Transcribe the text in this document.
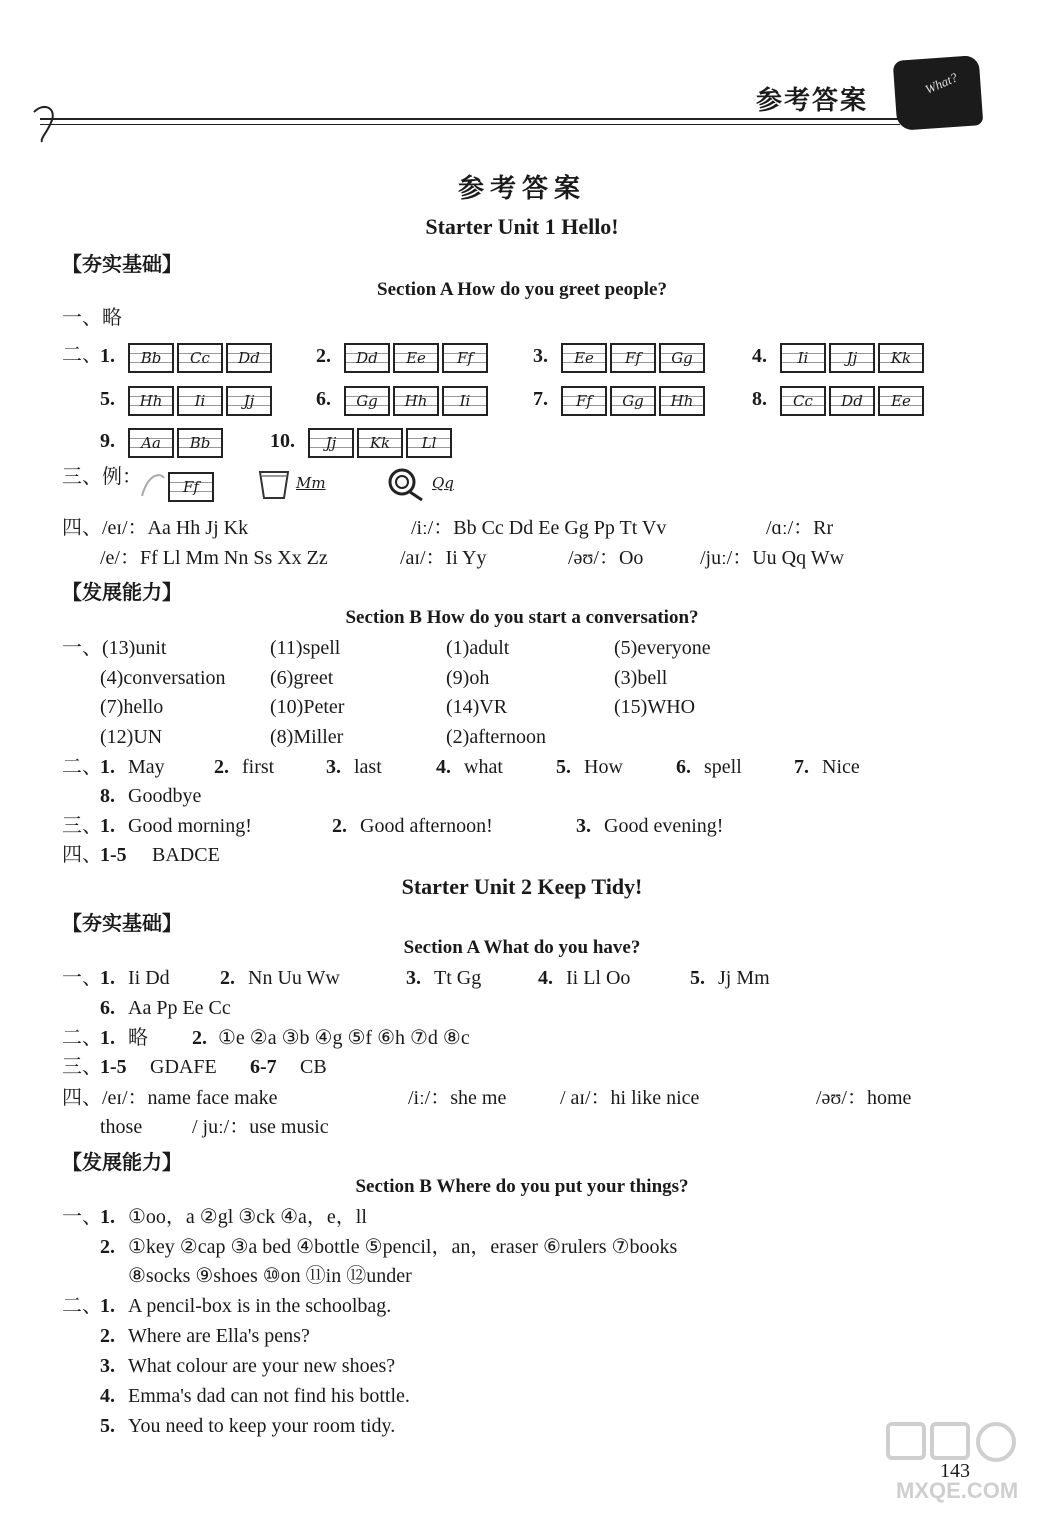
参考答案
What?
参考答案
Starter Unit 1 Hello!
【夯实基础】
Section A How do you greet people?
一、略
二、
1.	Bb	Cc	Dd	2.	Dd	Ee	Ff	3.	Ee	Ff	Gg	4.	Ii	Jj	Kk
5.	Hh	Ii	Jj	6.	Gg	Hh	Ii	7.	Ff	Gg	Hh	8.	Cc	Dd	Ee
9.	Aa	Bb	10.	Jj	Kk	Ll
三、例：	Ff	Mm	Qq
四、/eɪ/：Aa Hh Jj Kk	/iː/：Bb Cc Dd Ee Gg Pp Tt Vv	/ɑː/：Rr
/e/：Ff Ll Mm Nn Ss Xx Zz	/aɪ/：Ii Yy	/əʊ/：Oo	/juː/：Uu Qq Ww
【发展能力】
Section B How do you start a conversation?
一、(13)unit	(11)spell	(1)adult	(5)everyone
(4)conversation (6)greet	(9)oh	(3)bell
(7)hello	(10)Peter	(14)VR	(15)WHO
(12)UN	(8)Miller	(2)afternoon
二、
1. May 2. first	3. last	4. what	5. How	6. spell	7. Nice
8. Goodbye
三、
1. Good morning!	2. Good afternoon!	3. Good evening!
四、
1-5 BADCE
Starter Unit 2 Keep Tidy!
【夯实基础】
Section A What do you have?
一、
1. Ii Dd	2. Nn Uu Ww	3. Tt Gg	4. Ii Ll Oo	5. Jj Mm
6. Aa Pp Ee Cc
二、
1. 略 2. ①e ②a ③b ④g ⑤f ⑥h ⑦d ⑧c
三、
1-5 GDAFE 6-7 CB
四、/eɪ/：name face make	/iː/：she me	/ aɪ/：hi like nice	/əʊ/：home
those / juː/：use music
【发展能力】
Section B Where do you put your things?
一、
1. ①oo，a ②gl ③ck ④a，e，ll
2. ①key ②cap ③a bed ④bottle ⑤pencil，an，eraser ⑥rulers ⑦books
⑧socks ⑨shoes ⑩on ⑪in ⑫under
二、
1. A pencil-box is in the schoolbag.
2. Where are Ella's pens?
3. What colour are your new shoes?
4. Emma's dad can not find his bottle.
5. You need to keep your room tidy.
143
MXQE.COM
